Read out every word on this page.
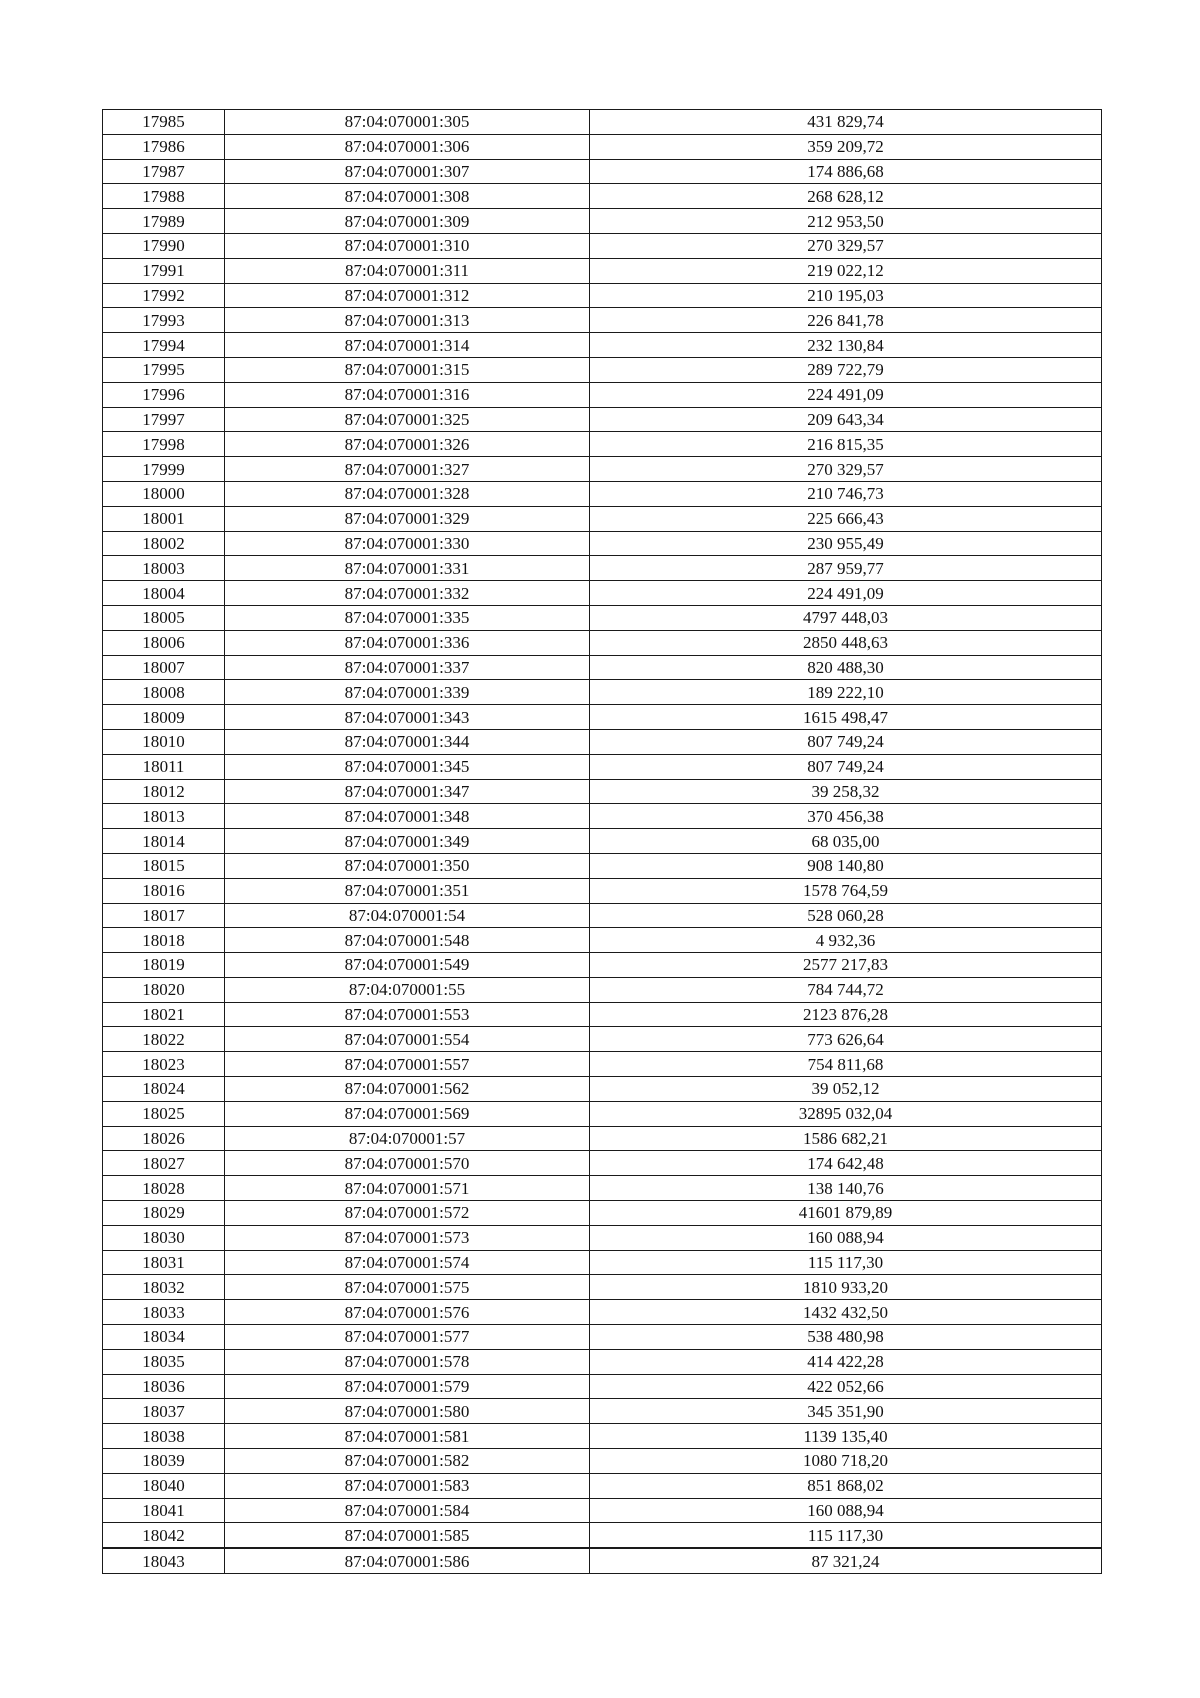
17985	87:04:070001:305	431 829,74
17986	87:04:070001:306	359 209,72
17987	87:04:070001:307	174 886,68
17988	87:04:070001:308	268 628,12
17989	87:04:070001:309	212 953,50
17990	87:04:070001:310	270 329,57
17991	87:04:070001:311	219 022,12
17992	87:04:070001:312	210 195,03
17993	87:04:070001:313	226 841,78
17994	87:04:070001:314	232 130,84
17995	87:04:070001:315	289 722,79
17996	87:04:070001:316	224 491,09
17997	87:04:070001:325	209 643,34
17998	87:04:070001:326	216 815,35
17999	87:04:070001:327	270 329,57
18000	87:04:070001:328	210 746,73
18001	87:04:070001:329	225 666,43
18002	87:04:070001:330	230 955,49
18003	87:04:070001:331	287 959,77
18004	87:04:070001:332	224 491,09
18005	87:04:070001:335	4797 448,03
18006	87:04:070001:336	2850 448,63
18007	87:04:070001:337	820 488,30
18008	87:04:070001:339	189 222,10
18009	87:04:070001:343	1615 498,47
18010	87:04:070001:344	807 749,24
18011	87:04:070001:345	807 749,24
18012	87:04:070001:347	39 258,32
18013	87:04:070001:348	370 456,38
18014	87:04:070001:349	68 035,00
18015	87:04:070001:350	908 140,80
18016	87:04:070001:351	1578 764,59
18017	87:04:070001:54	528 060,28
18018	87:04:070001:548	4 932,36
18019	87:04:070001:549	2577 217,83
18020	87:04:070001:55	784 744,72
18021	87:04:070001:553	2123 876,28
18022	87:04:070001:554	773 626,64
18023	87:04:070001:557	754 811,68
18024	87:04:070001:562	39 052,12
18025	87:04:070001:569	32895 032,04
18026	87:04:070001:57	1586 682,21
18027	87:04:070001:570	174 642,48
18028	87:04:070001:571	138 140,76
18029	87:04:070001:572	41601 879,89
18030	87:04:070001:573	160 088,94
18031	87:04:070001:574	115 117,30
18032	87:04:070001:575	1810 933,20
18033	87:04:070001:576	1432 432,50
18034	87:04:070001:577	538 480,98
18035	87:04:070001:578	414 422,28
18036	87:04:070001:579	422 052,66
18037	87:04:070001:580	345 351,90
18038	87:04:070001:581	1139 135,40
18039	87:04:070001:582	1080 718,20
18040	87:04:070001:583	851 868,02
18041	87:04:070001:584	160 088,94
18042	87:04:070001:585	115 117,30
18043	87:04:070001:586	87 321,24
